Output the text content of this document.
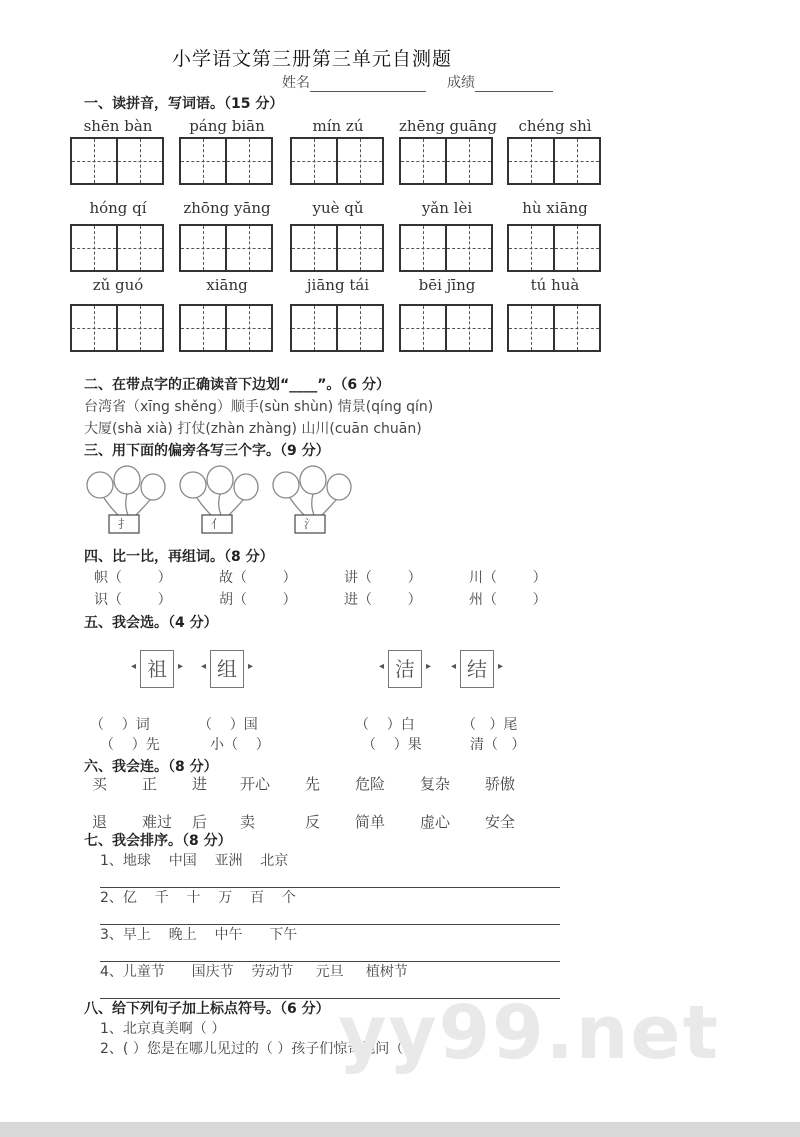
小学语文第三册第三单元自测题
姓名	成绩
一、读拼音，写词语。（15 分）
二、在带点字的正确读音下边划“____”。（6 分）
台湾省（xīng shěng）顺手(sùn shùn) 情景(qíng qín)
大厦(shà xià) 打仗(zhàn zhàng) 山川(cuān chuān)
三、用下面的偏旁各写三个字。（9 分）
四、比一比，再组词。（8 分）
五、我会选。（4 分）
六、我会连。（8 分）
七、我会排序。（8 分）
八、给下列句子加上标点符号。（6 分）
1、北京真美啊（ ）
2、( ）您是在哪儿见过的（ ）孩子们惊奇地问（ ）
yy99.net
shēn bàn	páng biān	mín zú	zhēng guāng	chéng shì
hóng qí	zhōng yāng	yuè qǔ	yǎn lèi	hù xiāng
zǔ guó	xiāng	jiāng tái	bēi jīng	tú huà
扌	亻	氵
帜（        ）	故（        ）	讲（        ）	川（        ）
识（        ）	胡（        ）	进（        ）	州（        ）
◂ 祖 ▸	◂ 组 ▸	◂ 洁 ▸	◂ 结 ▸
（    ）词	（    ）国	（    ）白	（   ）尾
（    ）先	小（    ）	（    ）果	清（   ）
买 正 进 开心 先 危险 复杂 骄傲
退 难过 后 卖	反 简单 虚心 安全
1、地球    中国    亚洲    北京
2、亿    千    十    万    百    个
3、早上    晚上    中午      下午
4、儿童节      国庆节    劳动节     元旦     植树节
